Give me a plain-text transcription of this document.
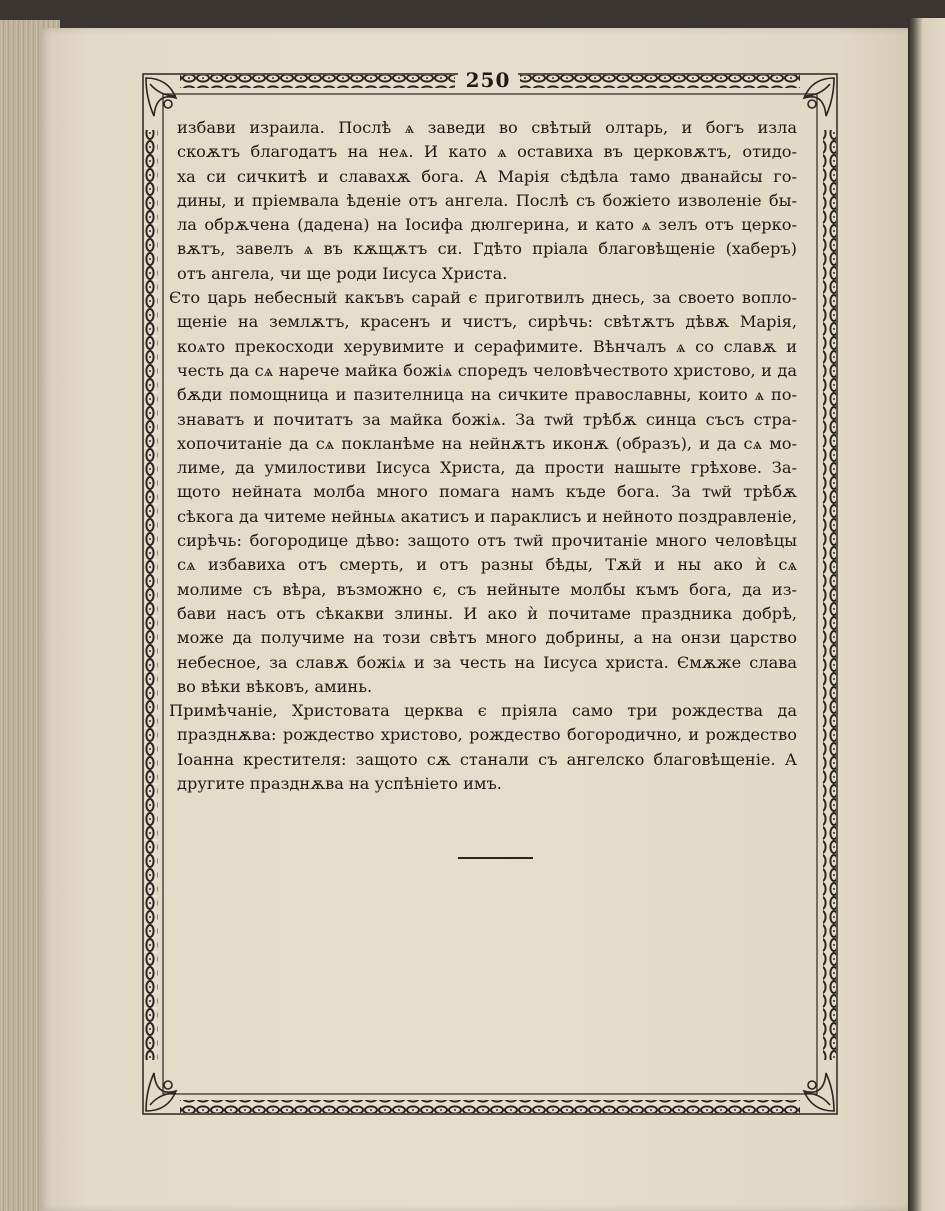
250
избави израила. Послѣ ѧ заведи во свѣтый олтарь, и богъ изла
скоѫтъ благодатъ на неѧ. И като ѧ оставиха въ церковѫтъ, отидо-
ха си сичкитѣ и славахѫ бога. А Марія сѣдѣла тамо дванайсы го-
дины, и пріемвала ѣденіе отъ ангела. Послѣ съ божіето изволеніе бы-
ла обрѫчена (дадена) на Іосифа дюлгерина, и като ѧ зелъ отъ церко-
вѫтъ, завелъ ѧ въ кѫщѫтъ си. Гдѣто пріала благовѣщеніе (хаберъ)
отъ ангела, чи ще роди Іисуса Христа.
Єто царь небесный какъвъ сарай є приготвилъ днесь, за своето вопло-
щеніе на землѫтъ, красенъ и чистъ, сирѣчь: свѣтѫтъ дѣвѫ Марія,
коѧто прекосходи херувимите и серафимите. Вѣнчалъ ѧ со славѫ и
честь да сѧ нарече майка божіѧ споредъ человѣчеството христово, и да
бѫди помощница и пазителница на сичките православны, които ѧ по-
знаватъ и почитатъ за майка божіѧ. За тѡй трѣбѫ синца съсъ стра-
хопочитаніе да сѧ покланѣме на нейнѫтъ иконѫ (образъ), и да сѧ мо-
лиме, да умилостиви Іисуса Христа, да прости нашыте грѣхове. За-
щото нейната молба много помага намъ къде бога. За тѡй трѣбѫ
сѣкога да читеме нейныѧ акатисъ и параклисъ и нейното поздравленіе,
сирѣчь: богородице дѣво: защото отъ тѡй прочитаніе много человѣцы
сѧ избавиха отъ смерть, и отъ разны бѣды, Тѫй и ны ако ѝ сѧ
молиме съ вѣра, възможно є, съ нейныте молбы къмъ бога, да из-
бави насъ отъ сѣкакви злины. И ако ѝ почитаме праздника добрѣ,
може да получиме на този свѣтъ много добрины, а на онзи царство
небесное, за славѫ божіѧ и за честь на Іисуса христа. Ємѫже слава
во вѣки вѣковъ, аминь.
Примѣчаніе, Христовата церква є пріяла само три рождества да
празднѫва: рождество христово, рождество богородично, и рождество
Іоанна крестителя: защото сѫ станали съ ангелско благовѣщеніе. А
другите празднѫва на успѣніето имъ.
